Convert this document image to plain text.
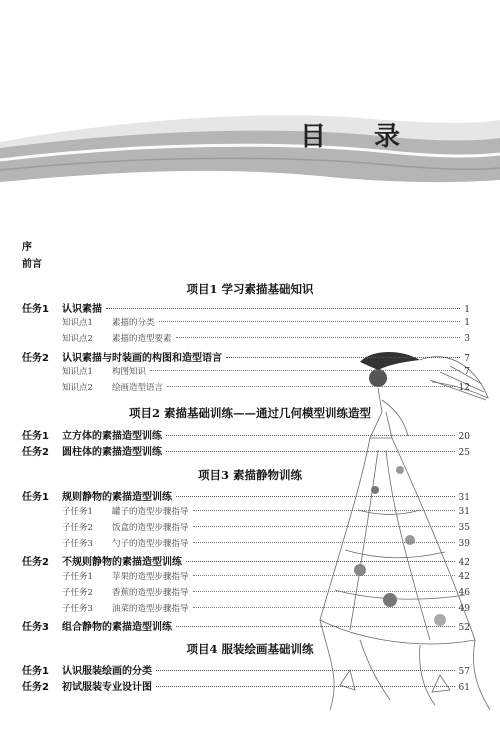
目 录
序
前言
项目1 学习素描基础知识
任务1	认识素描	1
知识点1	素描的分类	1
知识点2	素描的造型要素	3
任务2	认识素描与时装画的构图和造型语言	7
知识点1	构图知识	7
知识点2	绘画造型语言	12
项目2 素描基础训练——通过几何模型训练造型
任务1	立方体的素描造型训练	20
任务2	圆柱体的素描造型训练	25
项目3 素描静物训练
任务1	规则静物的素描造型训练	31
子任务1	罐子的造型步骤指导	31
子任务2	饭盒的造型步骤指导	35
子任务3	勺子的造型步骤指导	39
任务2	不规则静物的素描造型训练	42
子任务1	苹果的造型步骤指导	42
子任务2	香蕉的造型步骤指导	46
子任务3	油菜的造型步骤指导	49
任务3	组合静物的素描造型训练	52
项目4 服装绘画基础训练
任务1	认识服装绘画的分类	57
任务2	初试服装专业设计图	61
